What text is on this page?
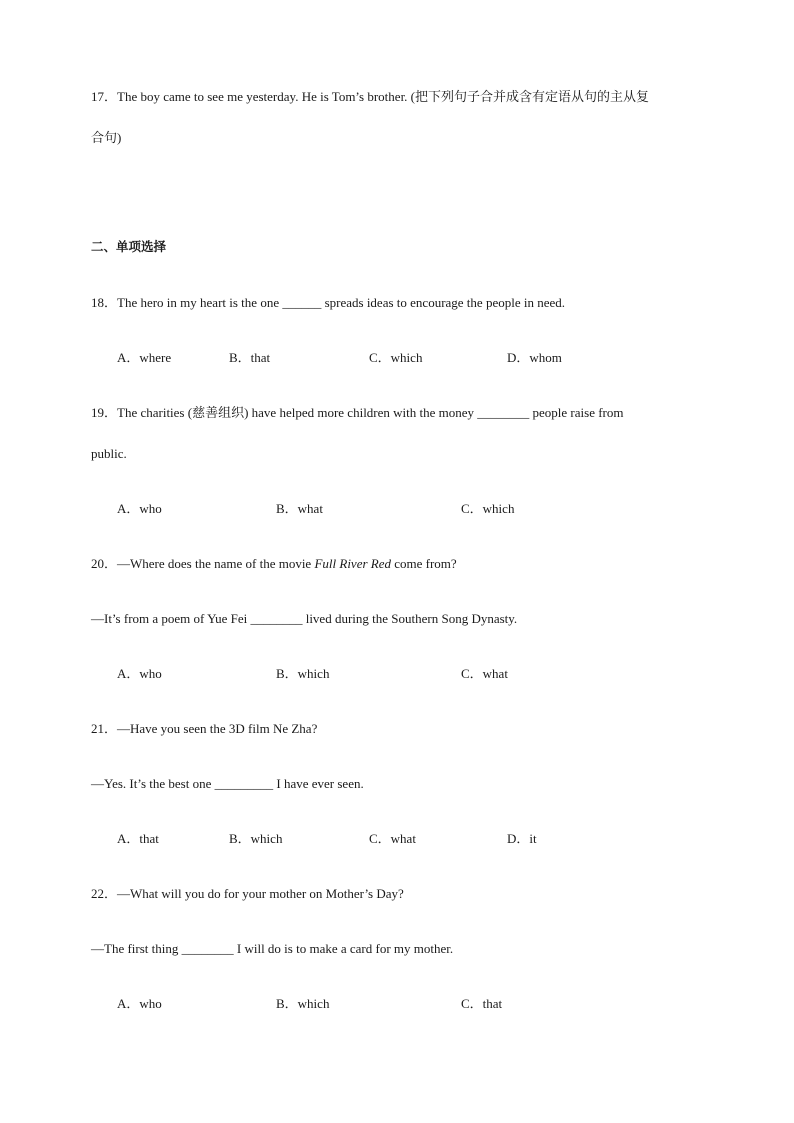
17．The boy came to see me yesterday. He is Tom’s brother. (把下列句子合并成含有定语从句的主从复
合句)
二、单项选择
18．The hero in my heart is the one ______ spreads ideas to encourage the people in need.
A．where	B．that	C．which	D．whom
19．The charities (慈善组织) have helped more children with the money ________ people raise from
public.
A．who	B．what	C．which
20．—Where does the name of the movie Full River Red come from?
—It’s from a poem of Yue Fei ________ lived during the Southern Song Dynasty.
A．who	B．which	C．what
21．—Have you seen the 3D film Ne Zha?
—Yes. It’s the best one _________ I have ever seen.
A．that	B．which	C．what	D．it
22．—What will you do for your mother on Mother’s Day?
—The first thing ________ I will do is to make a card for my mother.
A．who	B．which	C．that
